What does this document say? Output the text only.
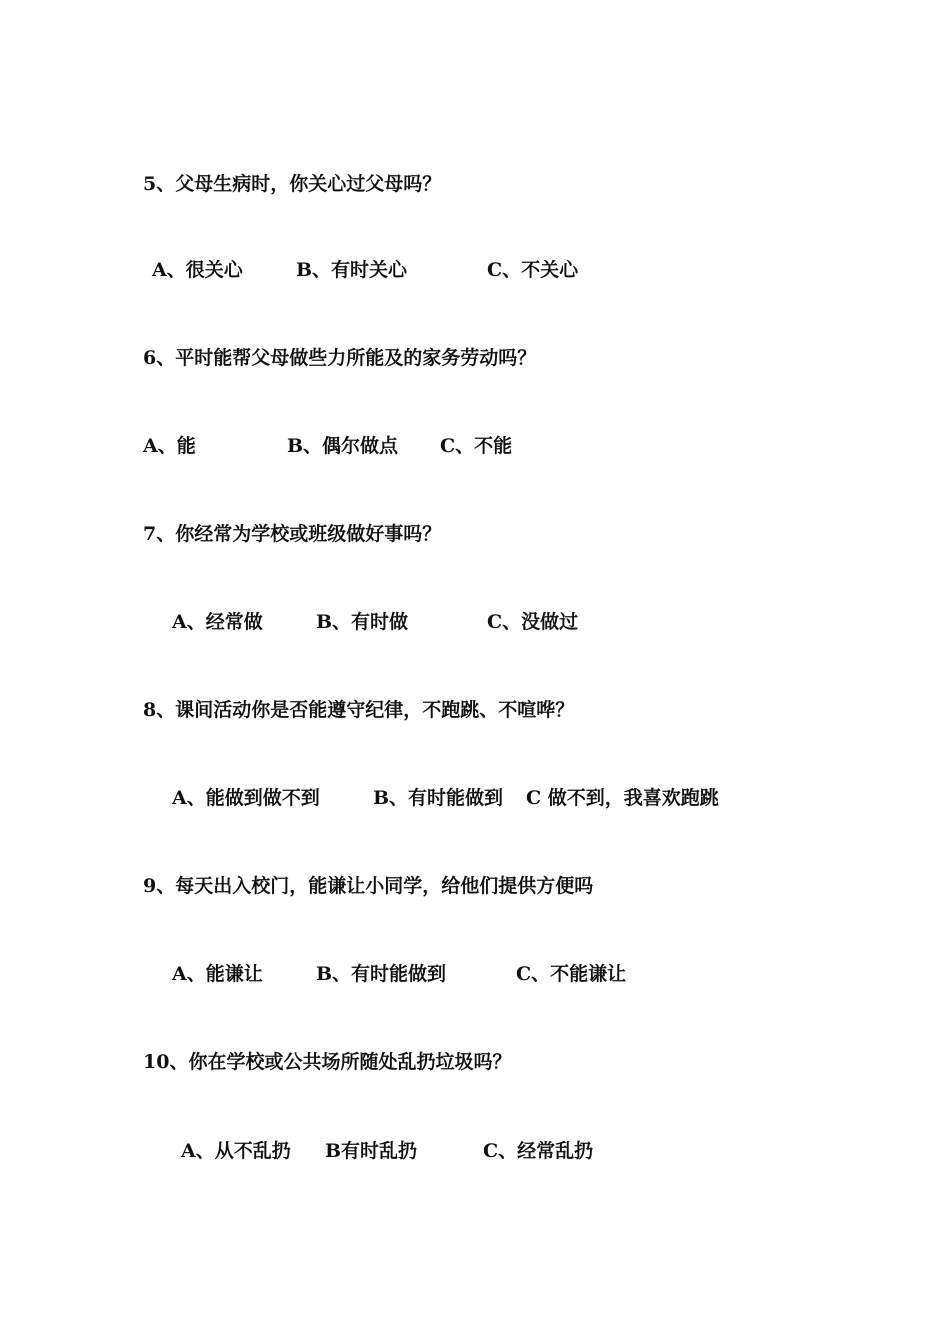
5、父母生病时，你关心过父母吗？
A、很关心	B、有时关心	C、不关心
6、平时能帮父母做些力所能及的家务劳动吗？
A、能	B、偶尔做点 C、不能
7、你经常为学校或班级做好事吗？
A、经常做	B、有时做	C、没做过
8、课间活动你是否能遵守纪律，不跑跳、不喧哗？
A、能做到做不到	B、有时能做到 C 做不到，我喜欢跑跳
9、每天出入校门，能谦让小同学，给他们提供方便吗
A、能谦让	B、有时能做到	C、不能谦让
10、你在学校或公共场所随处乱扔垃圾吗？
A、从不乱扔 B有时乱扔	C、经常乱扔
